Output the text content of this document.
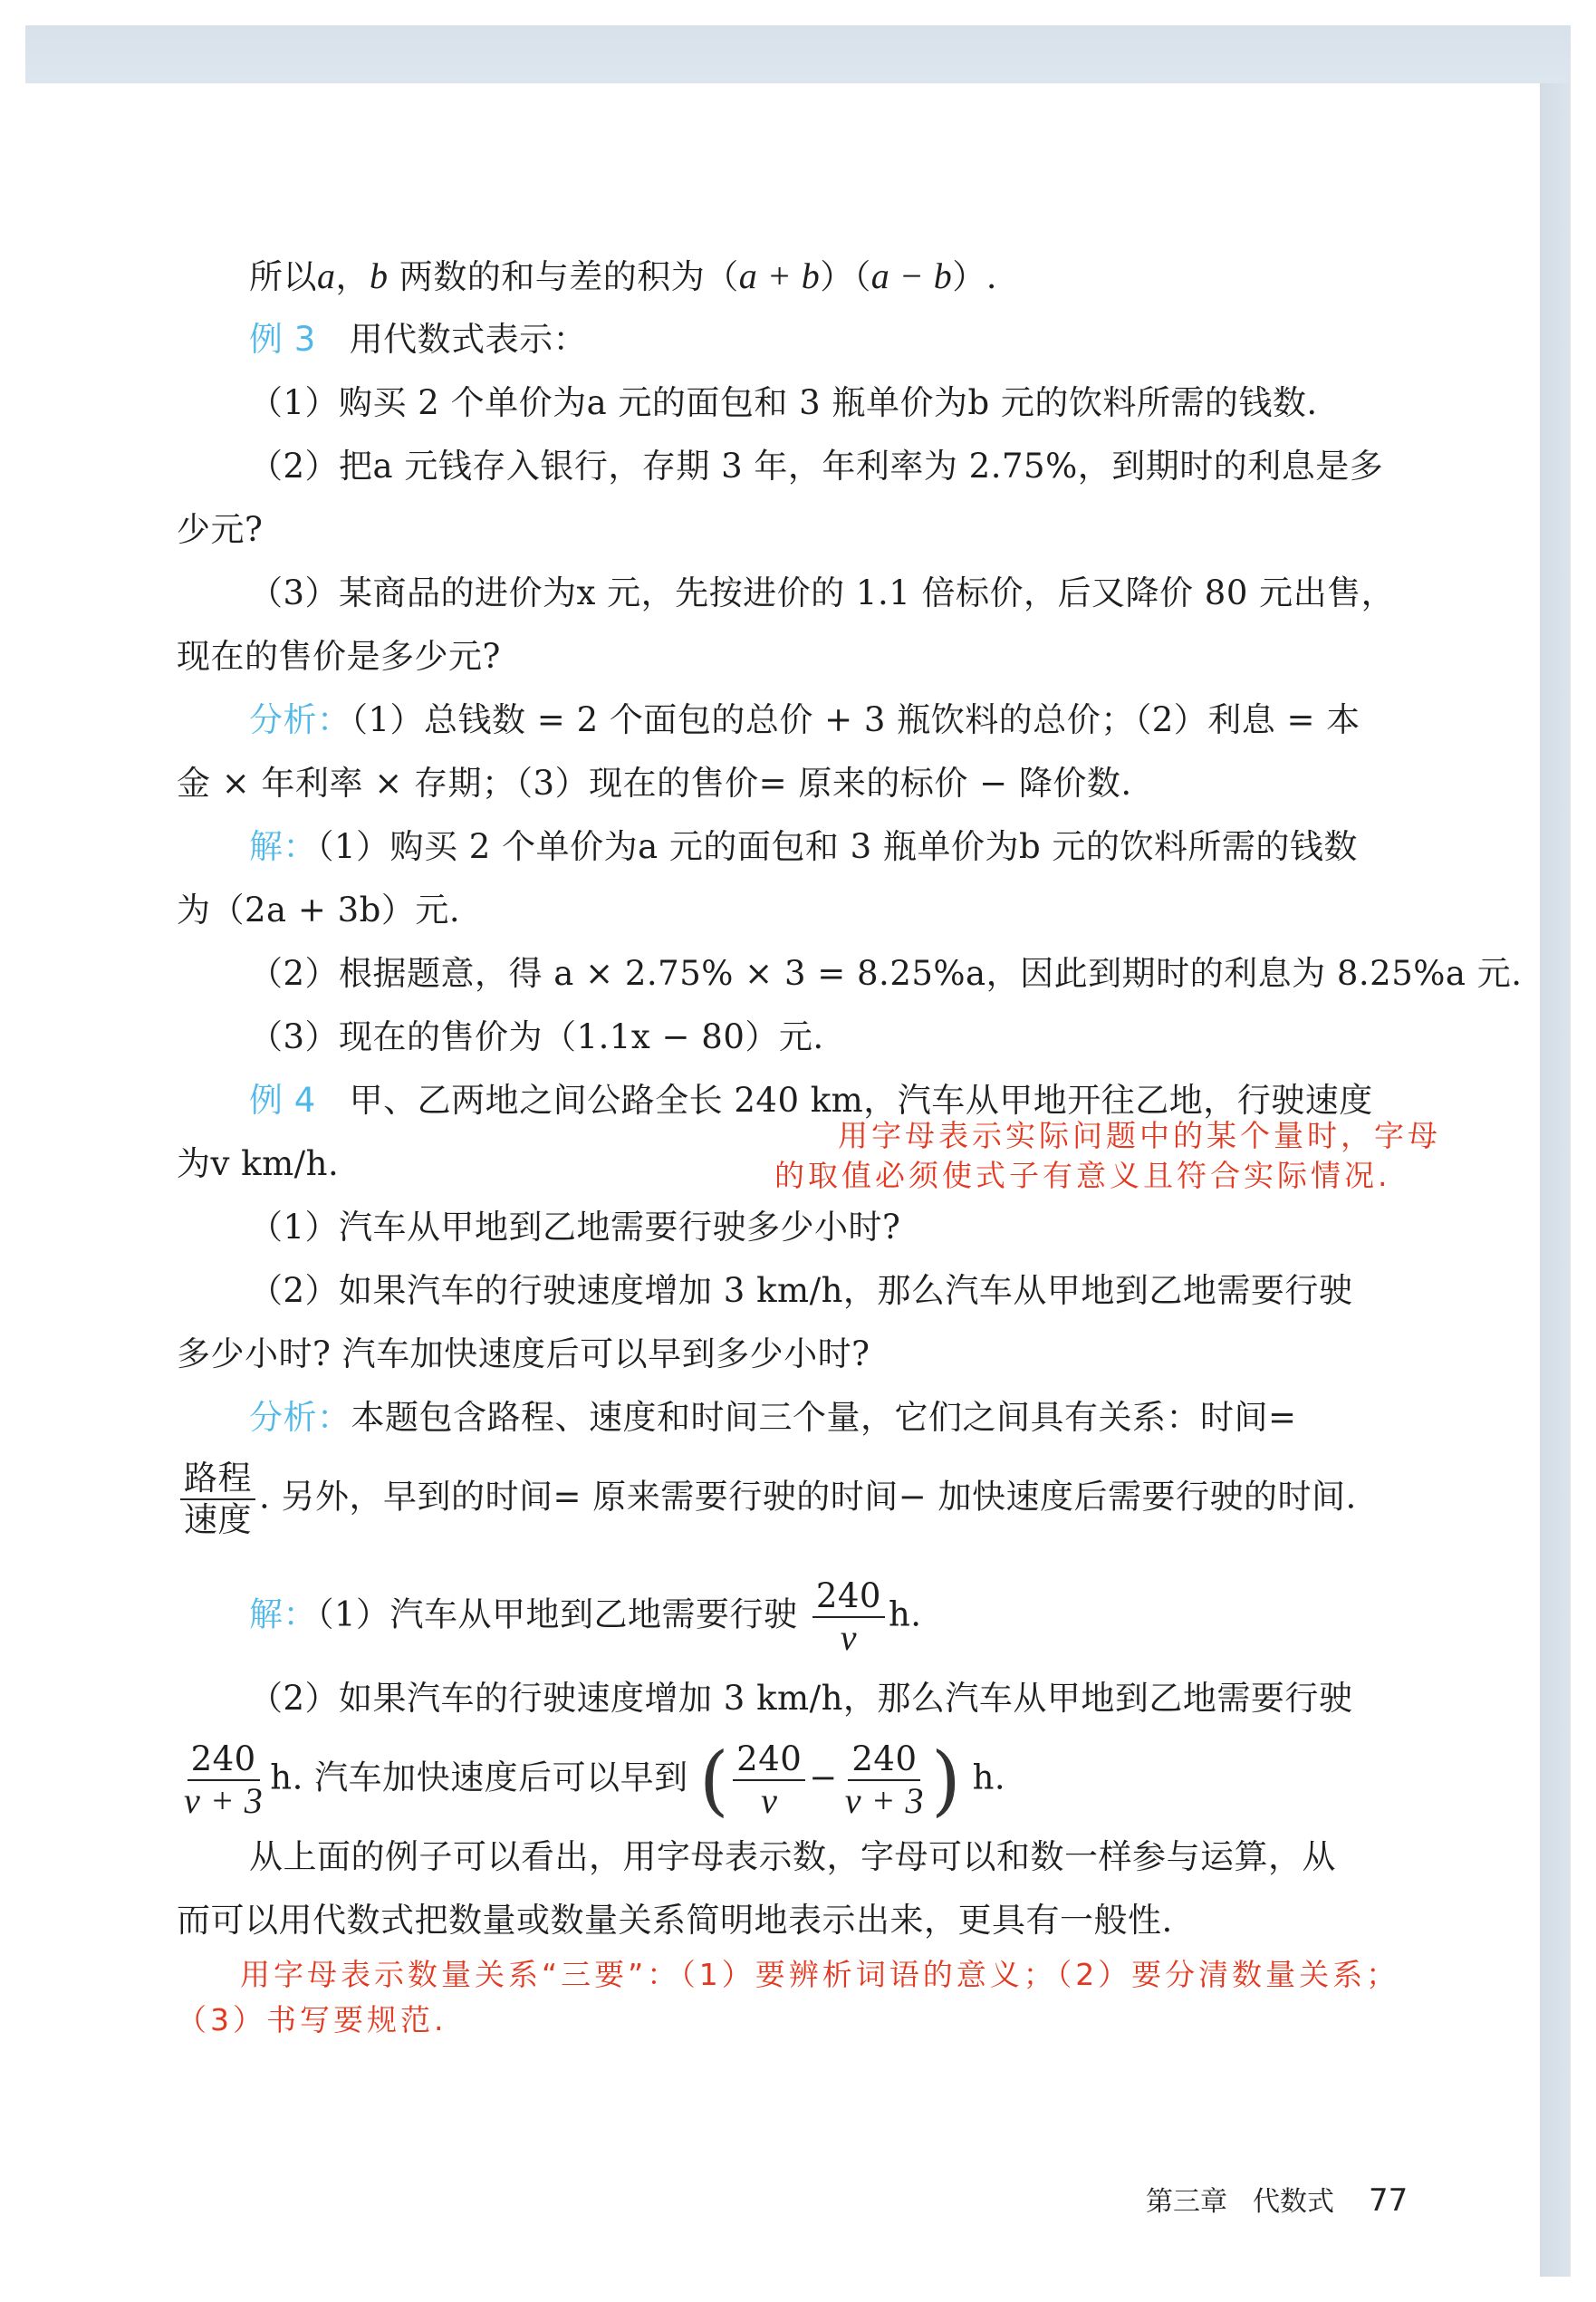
所以a，b 两数的和与差的积为（a + b）（a − b）.
例 3 用代数式表示：
（1）购买 2 个单价为a 元的面包和 3 瓶单价为b 元的饮料所需的钱数.
（2）把a 元钱存入银行，存期 3 年，年利率为 2.75%，到期时的利息是多
少元?
（3）某商品的进价为x 元，先按进价的 1.1 倍标价，后又降价 80 元出售，
现在的售价是多少元?
分析：（1）总钱数 = 2 个面包的总价 + 3 瓶饮料的总价；（2）利息 = 本
金 × 年利率 × 存期；（3）现在的售价= 原来的标价 − 降价数.
解：（1）购买 2 个单价为a 元的面包和 3 瓶单价为b 元的饮料所需的钱数
为（2a + 3b）元.
（2）根据题意，得 a × 2.75% × 3 = 8.25%a，因此到期时的利息为 8.25%a 元.
（3）现在的售价为（1.1x − 80）元.
例 4 甲、乙两地之间公路全长 240 km，汽车从甲地开往乙地，行驶速度
为v km/h.
用字母表示实际问题中的某个量时，字母
的取值必须使式子有意义且符合实际情况.
（1）汽车从甲地到乙地需要行驶多少小时?
（2）如果汽车的行驶速度增加 3 km/h，那么汽车从甲地到乙地需要行驶
多少小时? 汽车加快速度后可以早到多少小时?
分析：本题包含路程、速度和时间三个量，它们之间具有关系：时间=
$\frac{\text{路程}}{\text{速度}}$ . 另外，早到的时间= 原来需要行驶的时间− 加快速度后需要行驶的时间.
解：（1）汽车从甲地到乙地需要行驶 $\frac{240}{v} h$.
（2）如果汽车的行驶速度增加 3 km/h，那么汽车从甲地到乙地需要行驶
$\frac{240}{v + 3} h$. 汽车加快速度后可以早到 ( $\frac{240}{v} - \frac{240}{v + 3}$ ) h.
从上面的例子可以看出，用字母表示数，字母可以和数一样参与运算，从
而可以用代数式把数量或数量关系简明地表示出来，更具有一般性.
用字母表示数量关系“三要”：（1）要辨析词语的意义；（2）要分清数量关系；
（3）书写要规范.
第三章 代数式 77
